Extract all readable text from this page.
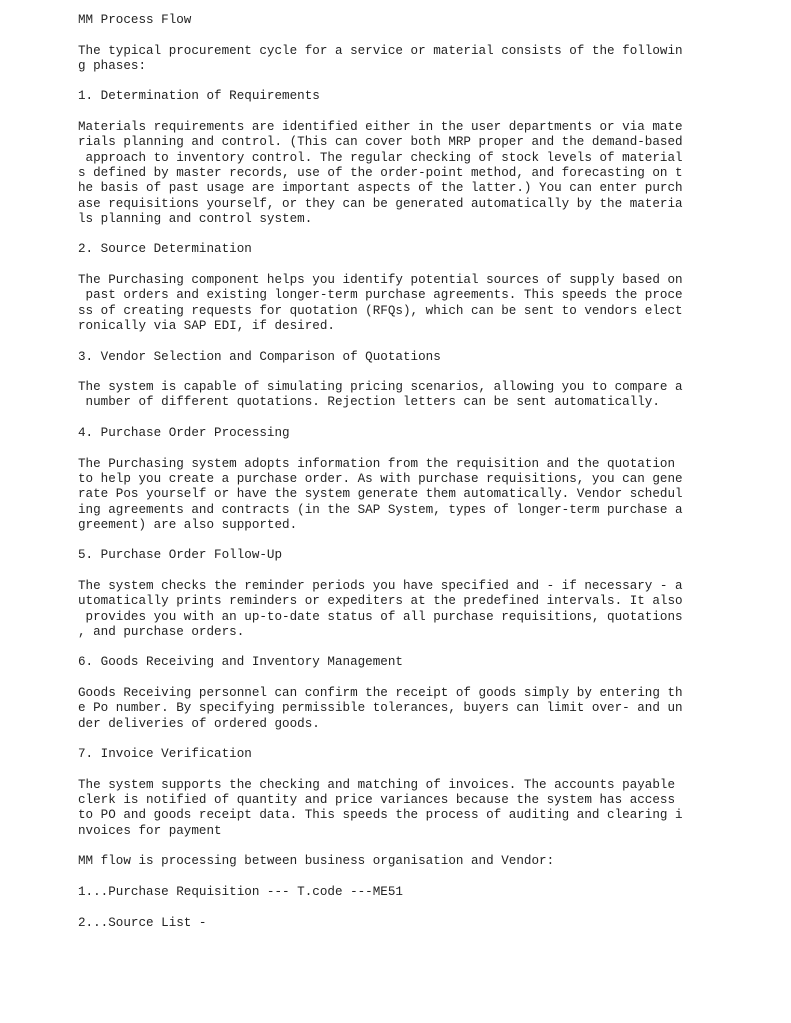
MM Process Flow
The typical procurement cycle for a service or material consists of the followin
g phases:
1. Determination of Requirements
Materials requirements are identified either in the user departments or via mate
rials planning and control. (This can cover both MRP proper and the demand-based
approach to inventory control. The regular checking of stock levels of material
s defined by master records, use of the order-point method, and forecasting on t
he basis of past usage are important aspects of the latter.) You can enter purch
ase requisitions yourself, or they can be generated automatically by the materia
ls planning and control system.
2. Source Determination
The Purchasing component helps you identify potential sources of supply based on
past orders and existing longer-term purchase agreements. This speeds the proce
ss of creating requests for quotation (RFQs), which can be sent to vendors elect
ronically via SAP EDI, if desired.
3. Vendor Selection and Comparison of Quotations
The system is capable of simulating pricing scenarios, allowing you to compare a
number of different quotations. Rejection letters can be sent automatically.
4. Purchase Order Processing
The Purchasing system adopts information from the requisition and the quotation
to help you create a purchase order. As with purchase requisitions, you can gene
rate Pos yourself or have the system generate them automatically. Vendor schedul
ing agreements and contracts (in the SAP System, types of longer-term purchase a
greement) are also supported.
5. Purchase Order Follow-Up
The system checks the reminder periods you have specified and - if necessary - a
utomatically prints reminders or expediters at the predefined intervals. It also
provides you with an up-to-date status of all purchase requisitions, quotations
, and purchase orders.
6. Goods Receiving and Inventory Management
Goods Receiving personnel can confirm the receipt of goods simply by entering th
e Po number. By specifying permissible tolerances, buyers can limit over- and un
der deliveries of ordered goods.
7. Invoice Verification
The system supports the checking and matching of invoices. The accounts payable
clerk is notified of quantity and price variances because the system has access
to PO and goods receipt data. This speeds the process of auditing and clearing i
nvoices for payment
MM flow is processing between business organisation and Vendor:
1...Purchase Requisition --- T.code ---ME51
2...Source List -
